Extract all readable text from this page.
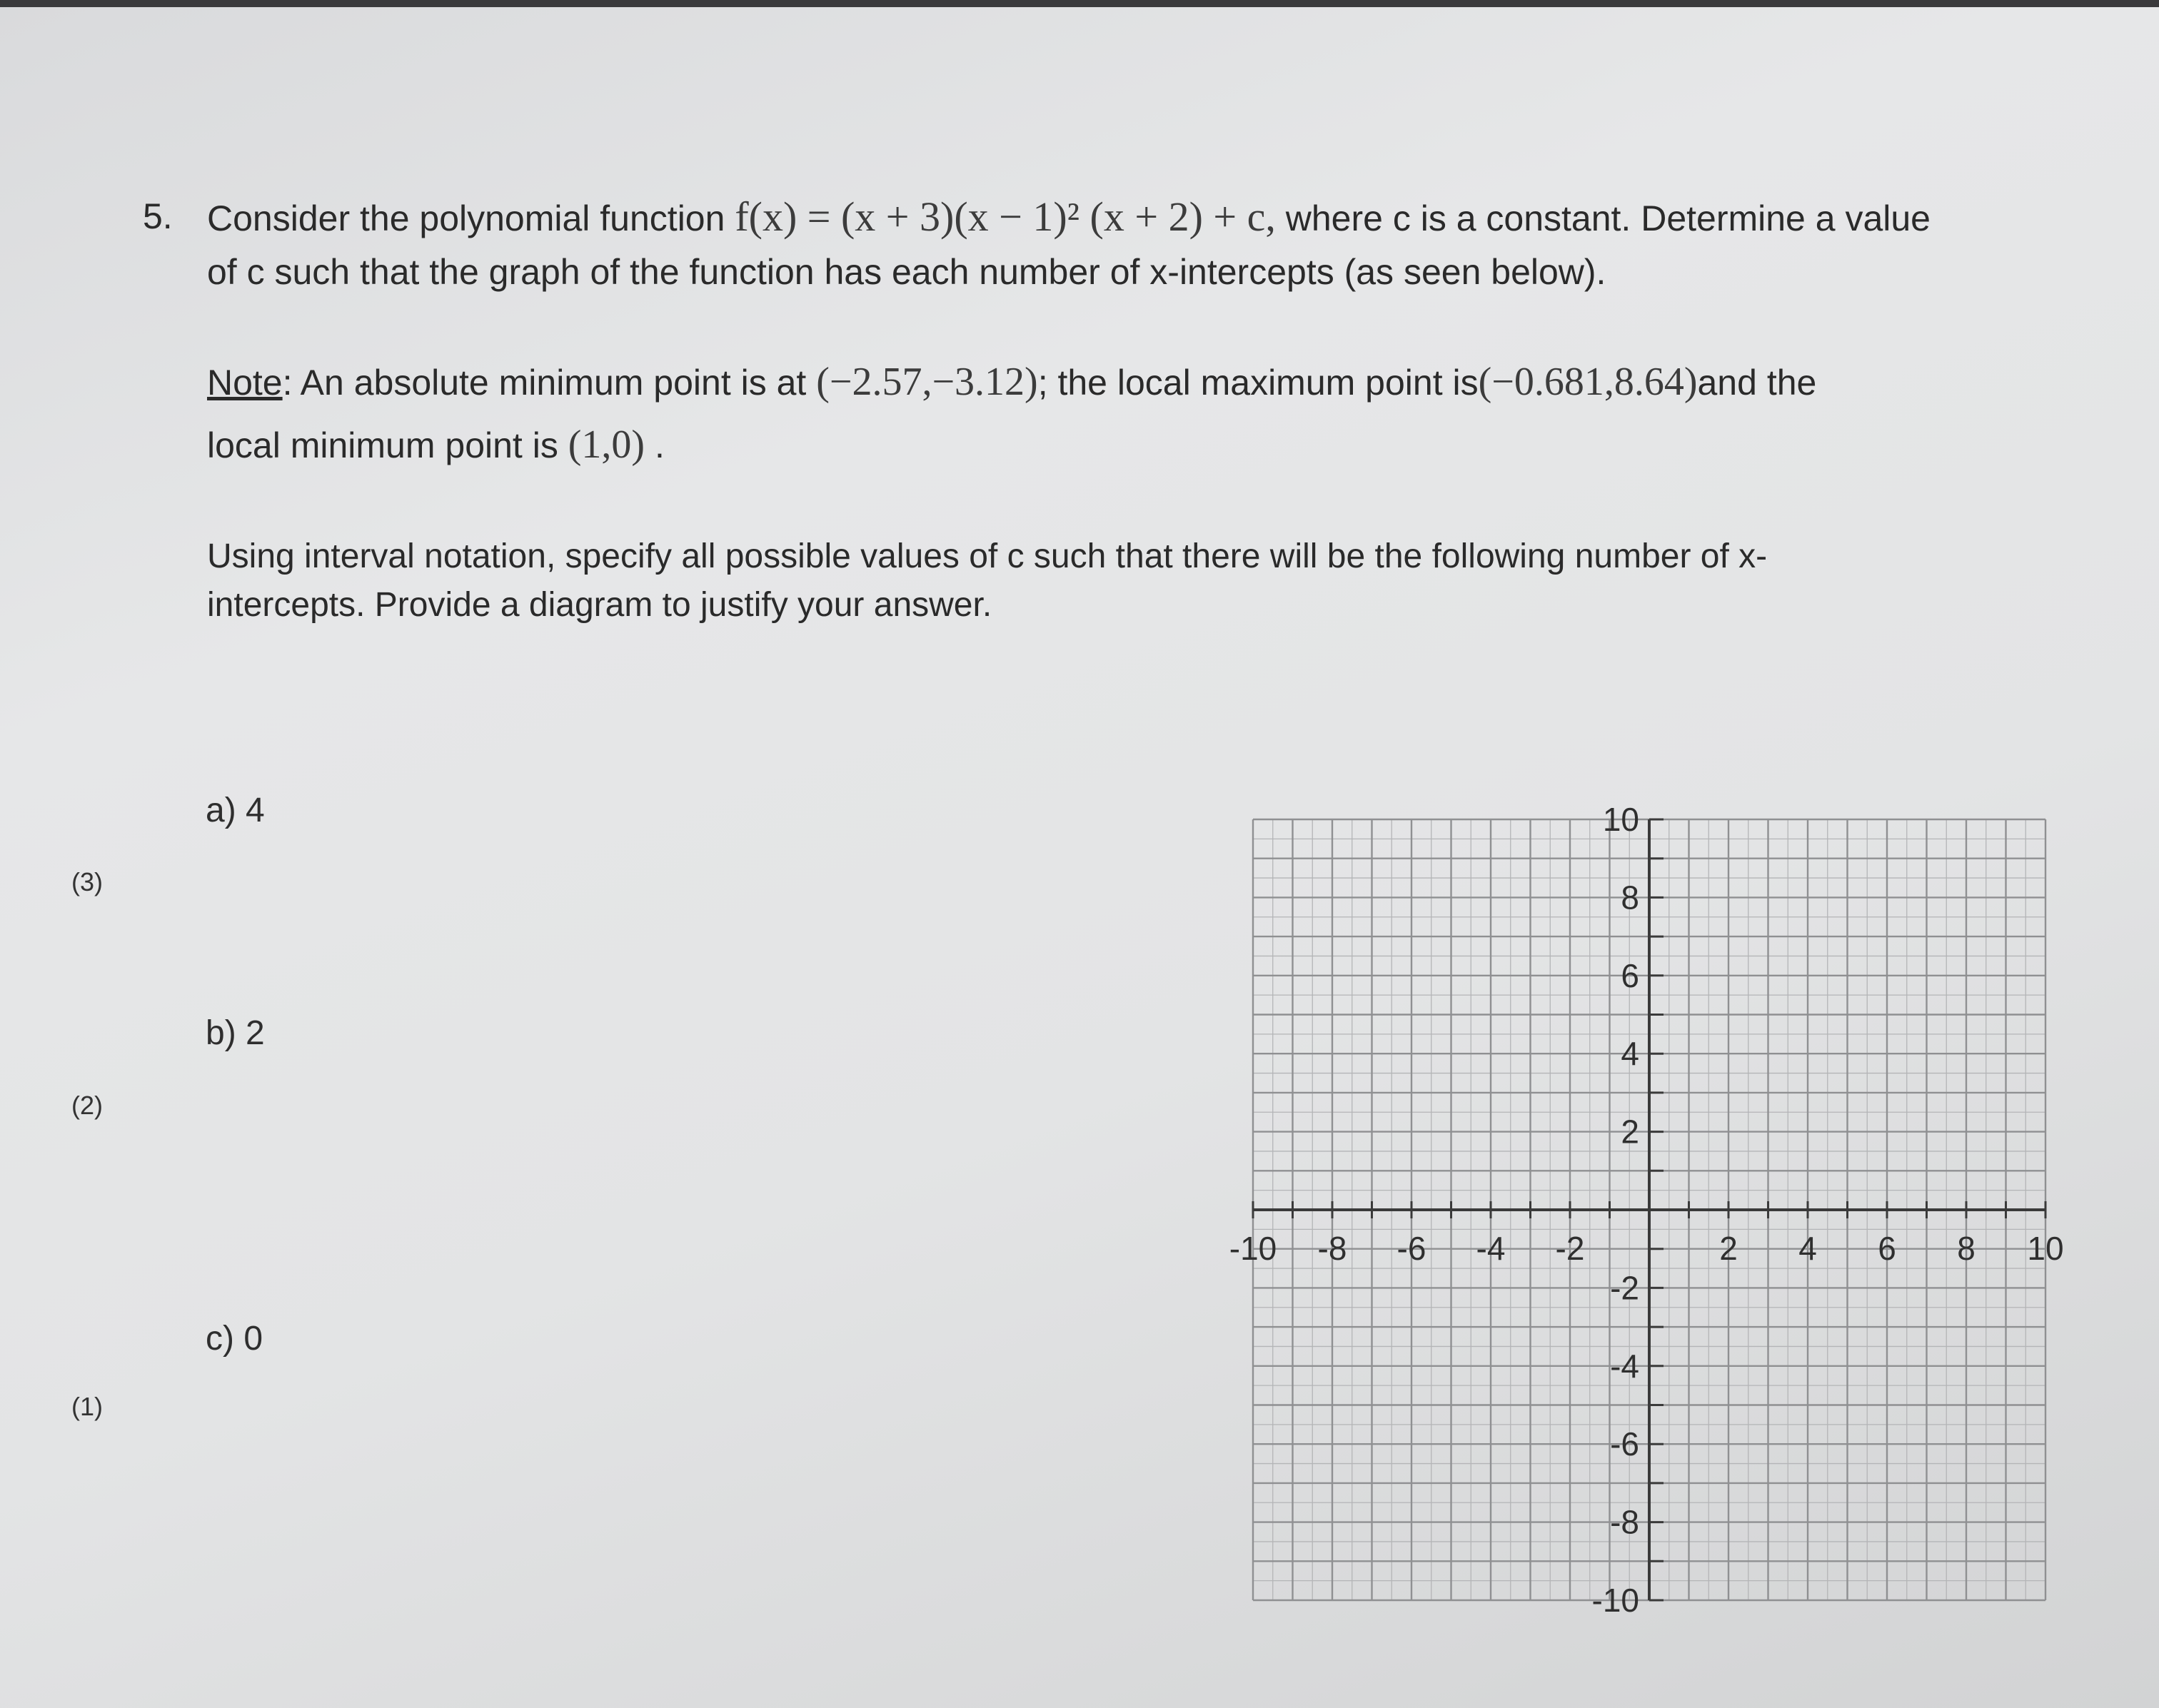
5. Consider the polynomial function f(x) = (x + 3)(x − 1)² (x + 2) + c, where c is a constant. Determine a value
of c such that the graph of the function has each number of x-intercepts (as seen below).
Note: An absolute minimum point is at (−2.57,−3.12); the local maximum point is(−0.681,8.64)and the
local minimum point is (1,0) .
Using interval notation, specify all possible values of c such that there will be the following number of x-
intercepts. Provide a diagram to justify your answer.
a) 4
(3)
b) 2
(2)
c) 0
(1)
-10 -8 -6 -4 -2	2 4 6 8 10
10
8
6
4
2
-2
-4
-6
-8
-10
